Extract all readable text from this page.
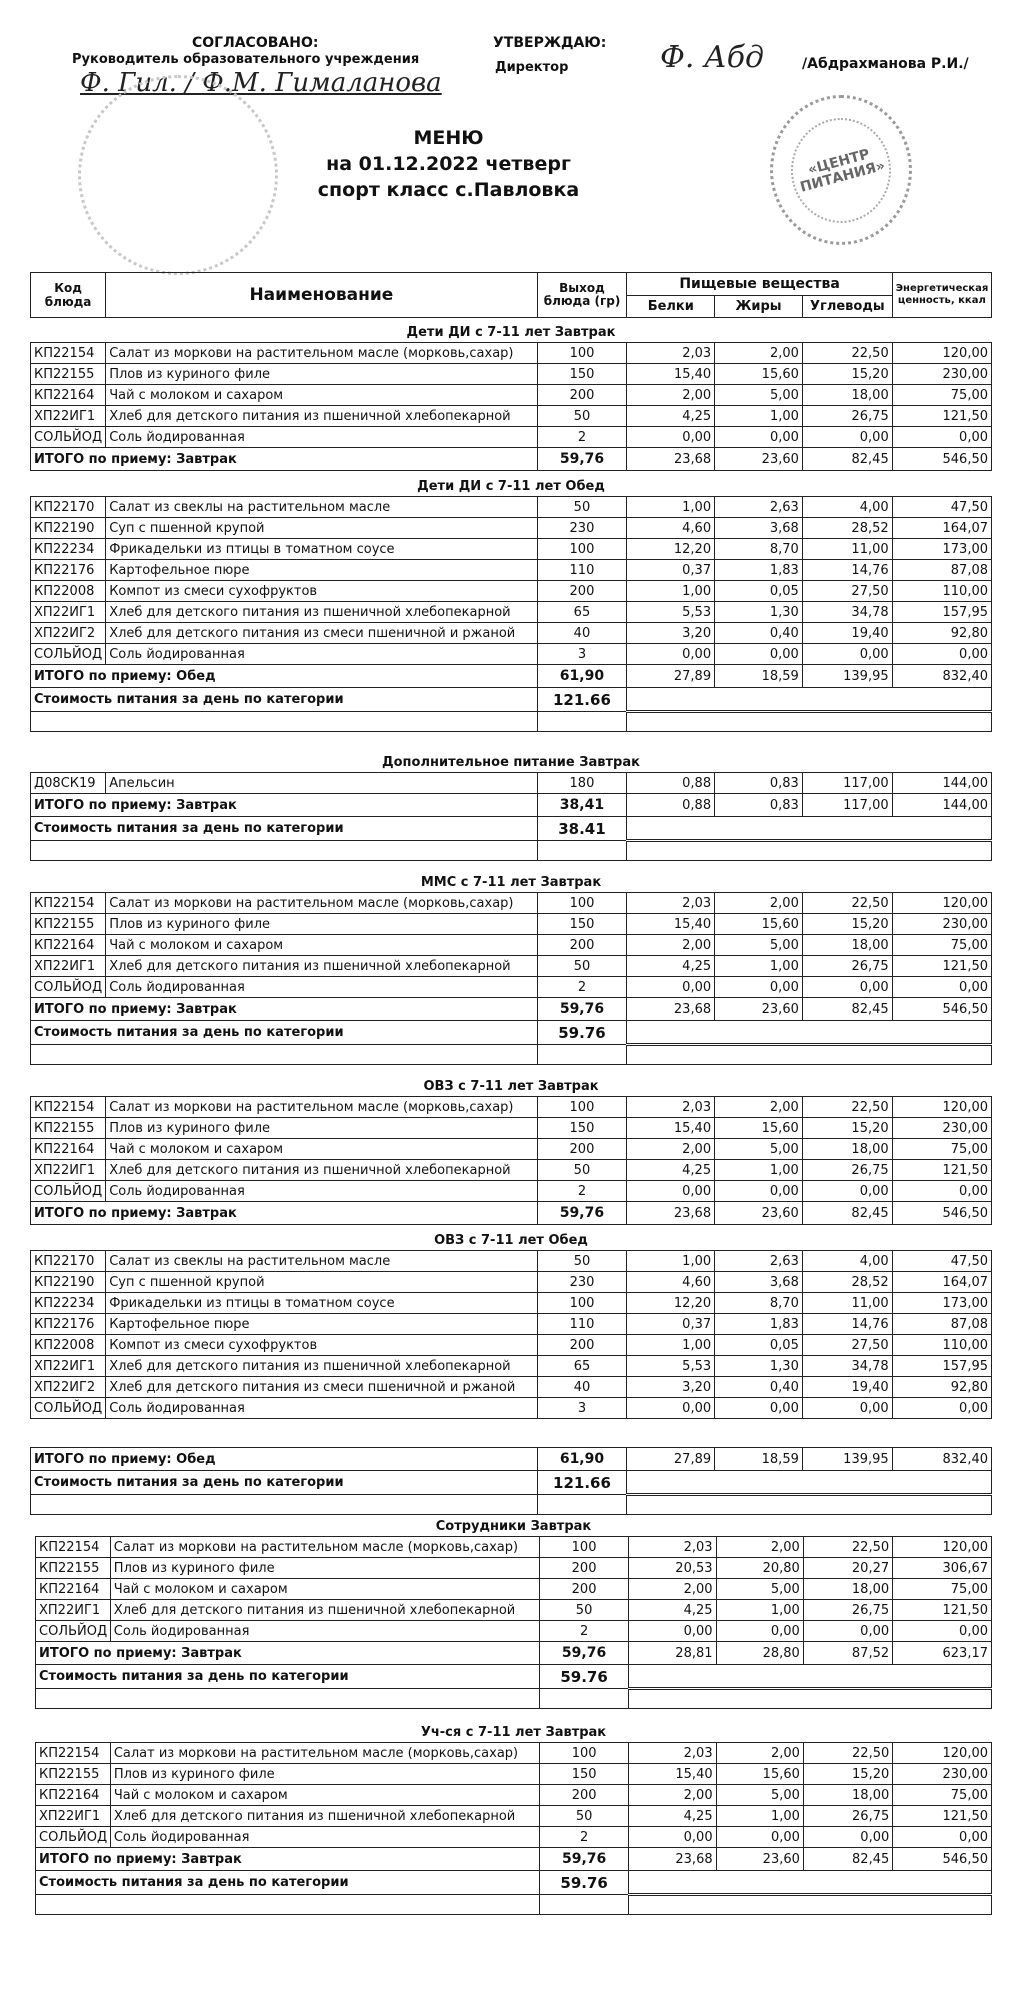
СОГЛАСОВАНО:
Руководитель образовательного учреждения
Ф. Гил. / Ф.М. Гималанова
УТВЕРЖДАЮ:
Директор	Ф. Абд	/Абдрахманова Р.И./
«ЦЕНТР ПИТАНИЯ»
МЕНЮ
на 01.12.2022 четверг
спорт класс с.Павловка
Код блюда	Наименование	Выход блюда (гр)	Пищевые вещества			Энергетическая ценность, ккал
			Белки	Жиры	Углеводы	
Дети ДИ с 7-11 лет Завтрак						
КП22154	Салат из моркови на растительном масле (морковь,сахар)	100	2,03	2,00	22,50	120,00
КП22155	Плов из куриного филе	150	15,40	15,60	15,20	230,00
КП22164	Чай с молоком и сахаром	200	2,00	5,00	18,00	75,00
ХП22ИГ1	Хлеб для детского питания из пшеничной хлебопекарной	50	4,25	1,00	26,75	121,50
СОЛЬЙОД	Соль йодированная	2	0,00	0,00	0,00	0,00
ИТОГО по приему: Завтрак		59,76	23,68	23,60	82,45	546,50
Дети ДИ с 7-11 лет Обед						
КП22170	Салат из свеклы на растительном масле	50	1,00	2,63	4,00	47,50
КП22190	Суп с пшенной крупой	230	4,60	3,68	28,52	164,07
КП22234	Фрикадельки из птицы в томатном соусе	100	12,20	8,70	11,00	173,00
КП22176	Картофельное пюре	110	0,37	1,83	14,76	87,08
КП22008	Компот из смеси сухофруктов	200	1,00	0,05	27,50	110,00
ХП22ИГ1	Хлеб для детского питания из пшеничной хлебопекарной	65	5,53	1,30	34,78	157,95
ХП22ИГ2	Хлеб для детского питания из смеси пшеничной и ржаной	40	3,20	0,40	19,40	92,80
СОЛЬЙОД	Соль йодированная	3	0,00	0,00	0,00	0,00
ИТОГО по приему: Обед		61,90	27,89	18,59	139,95	832,40
Стоимость питания за день по категории		121.66				

Дополнительное питание Завтрак						
Д08СК19	Апельсин	180	0,88	0,83	117,00	144,00
ИТОГО по приему: Завтрак		38,41	0,88	0,83	117,00	144,00
Стоимость питания за день по категории		38.41				

ММС с 7-11 лет Завтрак						
КП22154	Салат из моркови на растительном масле (морковь,сахар)	100	2,03	2,00	22,50	120,00
КП22155	Плов из куриного филе	150	15,40	15,60	15,20	230,00
КП22164	Чай с молоком и сахаром	200	2,00	5,00	18,00	75,00
ХП22ИГ1	Хлеб для детского питания из пшеничной хлебопекарной	50	4,25	1,00	26,75	121,50
СОЛЬЙОД	Соль йодированная	2	0,00	0,00	0,00	0,00
ИТОГО по приему: Завтрак		59,76	23,68	23,60	82,45	546,50
Стоимость питания за день по категории		59.76				

ОВЗ с 7-11 лет Завтрак						
КП22154	Салат из моркови на растительном масле (морковь,сахар)	100	2,03	2,00	22,50	120,00
КП22155	Плов из куриного филе	150	15,40	15,60	15,20	230,00
КП22164	Чай с молоком и сахаром	200	2,00	5,00	18,00	75,00
ХП22ИГ1	Хлеб для детского питания из пшеничной хлебопекарной	50	4,25	1,00	26,75	121,50
СОЛЬЙОД	Соль йодированная	2	0,00	0,00	0,00	0,00
ИТОГО по приему: Завтрак		59,76	23,68	23,60	82,45	546,50
ОВЗ с 7-11 лет Обед						
КП22170	Салат из свеклы на растительном масле	50	1,00	2,63	4,00	47,50
КП22190	Суп с пшенной крупой	230	4,60	3,68	28,52	164,07
КП22234	Фрикадельки из птицы в томатном соусе	100	12,20	8,70	11,00	173,00
КП22176	Картофельное пюре	110	0,37	1,83	14,76	87,08
КП22008	Компот из смеси сухофруктов	200	1,00	0,05	27,50	110,00
ХП22ИГ1	Хлеб для детского питания из пшеничной хлебопекарной	65	5,53	1,30	34,78	157,95
ХП22ИГ2	Хлеб для детского питания из смеси пшеничной и ржаной	40	3,20	0,40	19,40	92,80
СОЛЬЙОД	Соль йодированная	3	0,00	0,00	0,00	0,00

ИТОГО по приему: Обед		61,90	27,89	18,59	139,95	832,40
Стоимость питания за день по категории		121.66				

Сотрудники Завтрак						
КП22154	Салат из моркови на растительном масле (морковь,сахар)	100	2,03	2,00	22,50	120,00
КП22155	Плов из куриного филе	200	20,53	20,80	20,27	306,67
КП22164	Чай с молоком и сахаром	200	2,00	5,00	18,00	75,00
ХП22ИГ1	Хлеб для детского питания из пшеничной хлебопекарной	50	4,25	1,00	26,75	121,50
СОЛЬЙОД	Соль йодированная	2	0,00	0,00	0,00	0,00
ИТОГО по приему: Завтрак		59,76	28,81	28,80	87,52	623,17
Стоимость питания за день по категории		59.76				

Уч-ся с 7-11 лет Завтрак						
КП22154	Салат из моркови на растительном масле (морковь,сахар)	100	2,03	2,00	22,50	120,00
КП22155	Плов из куриного филе	150	15,40	15,60	15,20	230,00
КП22164	Чай с молоком и сахаром	200	2,00	5,00	18,00	75,00
ХП22ИГ1	Хлеб для детского питания из пшеничной хлебопекарной	50	4,25	1,00	26,75	121,50
СОЛЬЙОД	Соль йодированная	2	0,00	0,00	0,00	0,00
ИТОГО по приему: Завтрак		59,76	23,68	23,60	82,45	546,50
Стоимость питания за день по категории		59.76				
